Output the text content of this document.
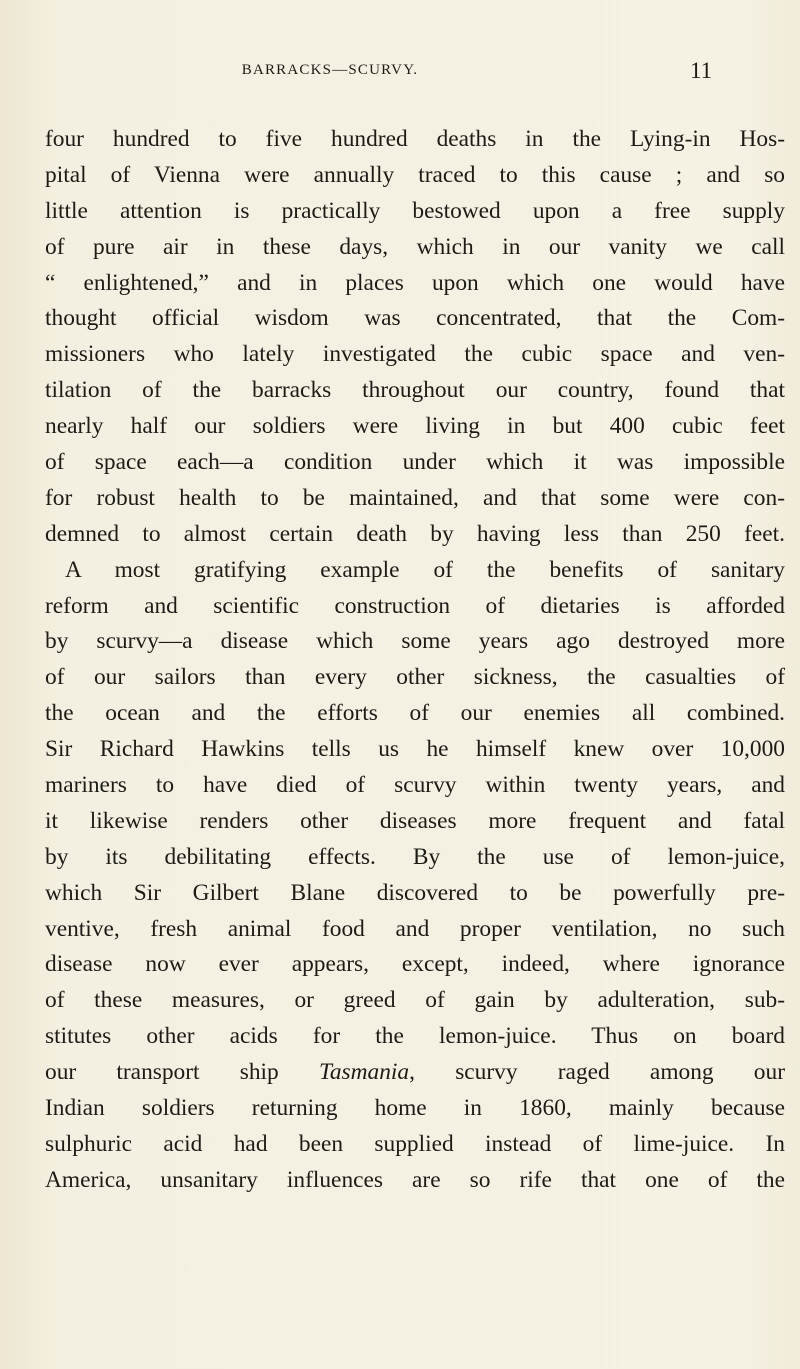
BARRACKS—SCURVY.	11
four hundred to five hundred deaths in the Lying-in Hos-
pital of Vienna were annually traced to this cause ; and so
little attention is practically bestowed upon a free supply
of pure air in these days, which in our vanity we call
“ enlightened,” and in places upon which one would have
thought official wisdom was concentrated, that the Com-
missioners who lately investigated the cubic space and ven-
tilation of the barracks throughout our country, found that
nearly half our soldiers were living in but 400 cubic feet
of space each—a condition under which it was impossible
for robust health to be maintained, and that some were con-
demned to almost certain death by having less than 250 feet.
A most gratifying example of the benefits of sanitary
reform and scientific construction of dietaries is afforded
by scurvy—a disease which some years ago destroyed more
of our sailors than every other sickness, the casualties of
the ocean and the efforts of our enemies all combined.
Sir Richard Hawkins tells us he himself knew over 10,000
mariners to have died of scurvy within twenty years, and
it likewise renders other diseases more frequent and fatal
by its debilitating effects. By the use of lemon-juice,
which Sir Gilbert Blane discovered to be powerfully pre-
ventive, fresh animal food and proper ventilation, no such
disease now ever appears, except, indeed, where ignorance
of these measures, or greed of gain by adulteration, sub-
stitutes other acids for the lemon-juice. Thus on board
our transport ship Tasmania, scurvy raged among our
Indian soldiers returning home in 1860, mainly because
sulphuric acid had been supplied instead of lime-juice. In
America, unsanitary influences are so rife that one of the
